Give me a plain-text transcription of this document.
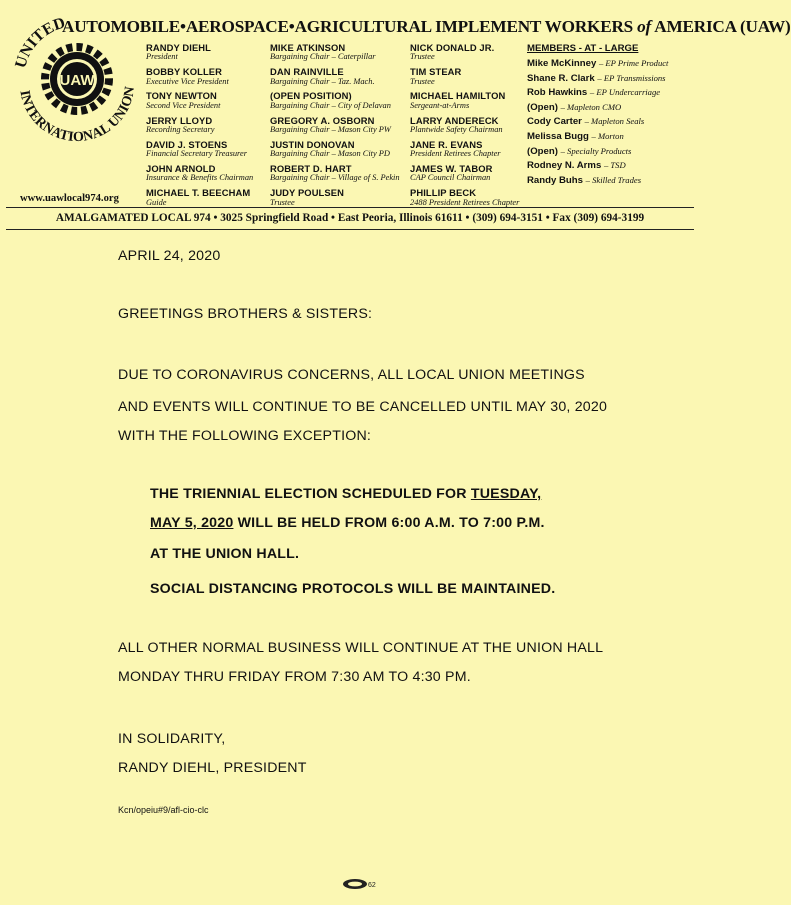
UNITED
INTERNATIONAL UNION
UAW
AUTOMOBILE•AEROSPACE•AGRICULTURAL IMPLEMENT WORKERS of AMERICA (UAW)
RANDY DIEHL
President
BOBBY KOLLER
Executive Vice President
TONY NEWTON
Second Vice President
JERRY LLOYD
Recording Secretary
DAVID J. STOENS
Financial Secretary Treasurer
JOHN ARNOLD
Insurance & Benefits Chairman
MICHAEL T. BEECHAM
Guide
MIKE ATKINSON
Bargaining Chair – Caterpillar
DAN RAINVILLE
Bargaining Chair – Taz. Mach.
(OPEN POSITION)
Bargaining Chair – City of Delavan
GREGORY A. OSBORN
Bargaining Chair – Mason City PW
JUSTIN DONOVAN
Bargaining Chair – Mason City PD
ROBERT D. HART
Bargaining Chair – Village of S. Pekin
JUDY POULSEN
Trustee
NICK DONALD JR.
Trustee
TIM STEAR
Trustee
MICHAEL HAMILTON
Sergeant-at-Arms
LARRY ANDERECK
Plantwide Safety Chairman
JANE R. EVANS
President Retirees Chapter
JAMES W. TABOR
CAP Council Chairman
PHILLIP BECK
2488 President Retirees Chapter
MEMBERS - AT - LARGE
Mike McKinney – EP Prime Product
Shane R. Clark – EP Transmissions
Rob Hawkins – EP Undercarriage
(Open) – Mapleton CMO
Cody Carter – Mapleton Seals
Melissa Bugg – Morton
(Open) – Specialty Products
Rodney N. Arms – TSD
Randy Buhs – Skilled Trades
www.uawlocal974.org
AMALGAMATED LOCAL 974 • 3025 Springfield Road • East Peoria, Illinois 61611 • (309) 694-3151 • Fax (309) 694-3199
APRIL 24, 2020
GREETINGS BROTHERS & SISTERS:
DUE TO CORONAVIRUS CONCERNS, ALL LOCAL UNION MEETINGS
AND EVENTS WILL CONTINUE TO BE CANCELLED UNTIL MAY 30, 2020
WITH THE FOLLOWING EXCEPTION:
THE TRIENNIAL ELECTION SCHEDULED FOR TUESDAY,
MAY 5, 2020 WILL BE HELD FROM 6:00 A.M. TO 7:00 P.M.
AT THE UNION HALL.
SOCIAL DISTANCING PROTOCOLS WILL BE MAINTAINED.
ALL OTHER NORMAL BUSINESS WILL CONTINUE AT THE UNION HALL
MONDAY THRU FRIDAY FROM 7:30 AM TO 4:30 PM.
IN SOLIDARITY,
RANDY DIEHL, PRESIDENT
Kcn/opeiu#9/afl-cio-clc
62
